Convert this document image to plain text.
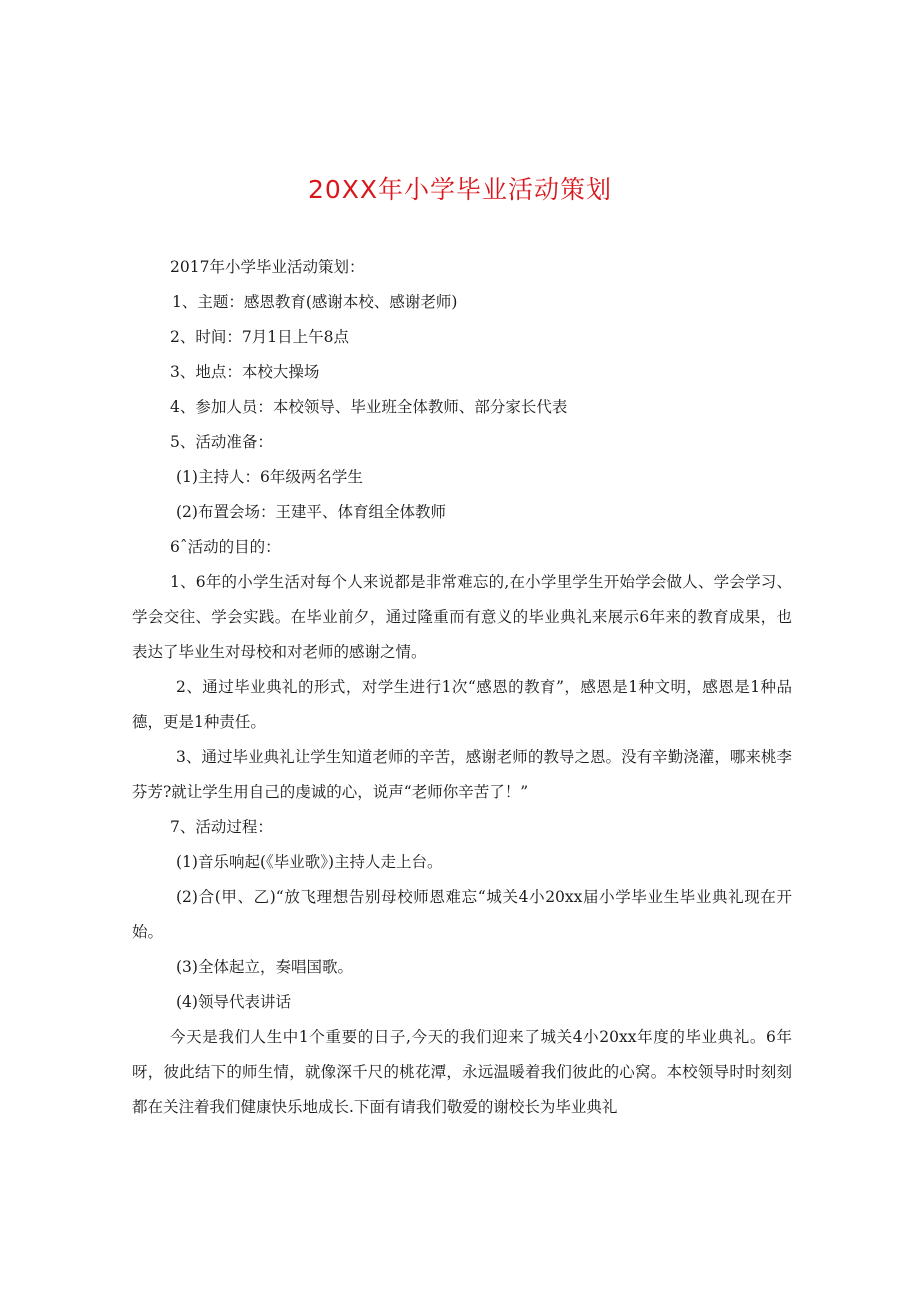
20XX年小学毕业活动策划

2017年小学毕业活动策划：

1、主题：感恩教育(感谢本校、感谢老师)

2、时间：7月1日上午8点

3、地点：本校大操场

4、参加人员：本校领导、毕业班全体教师、部分家长代表

5、活动准备：

(1)主持人：6年级两名学生

(2)布置会场：王建平、体育组全体教师

6ˆ活动的目的：

1、6年的小学生活对每个人来说都是非常难忘的,在小学里学生开始学会做人、学会学习、学会交往、学会实践。在毕业前夕，通过隆重而有意义的毕业典礼来展示6年来的教育成果，也表达了毕业生对母校和对老师的感谢之情。

2、通过毕业典礼的形式，对学生进行1次“感恩的教育”，感恩是1种文明，感恩是1种品德，更是1种责任。

3、通过毕业典礼让学生知道老师的辛苦，感谢老师的教导之恩。没有辛勤浇灌，哪来桃李芬芳?就让学生用自己的虔诚的心，说声“老师你辛苦了！”

7、活动过程：

(1)音乐响起(《毕业歌》)主持人走上台。

(2)合(甲、乙)“放飞理想告别母校师恩难忘“城关4小20xx届小学毕业生毕业典礼现在开始。

(3)全体起立，奏唱国歌。

(4)领导代表讲话

今天是我们人生中1个重要的日子,今天的我们迎来了城关4小20xx年度的毕业典礼。6年呀，彼此结下的师生情，就像深千尺的桃花潭，永远温暖着我们彼此的心窝。本校领导时时刻刻都在关注着我们健康快乐地成长.下面有请我们敬爱的谢校长为毕业典礼
